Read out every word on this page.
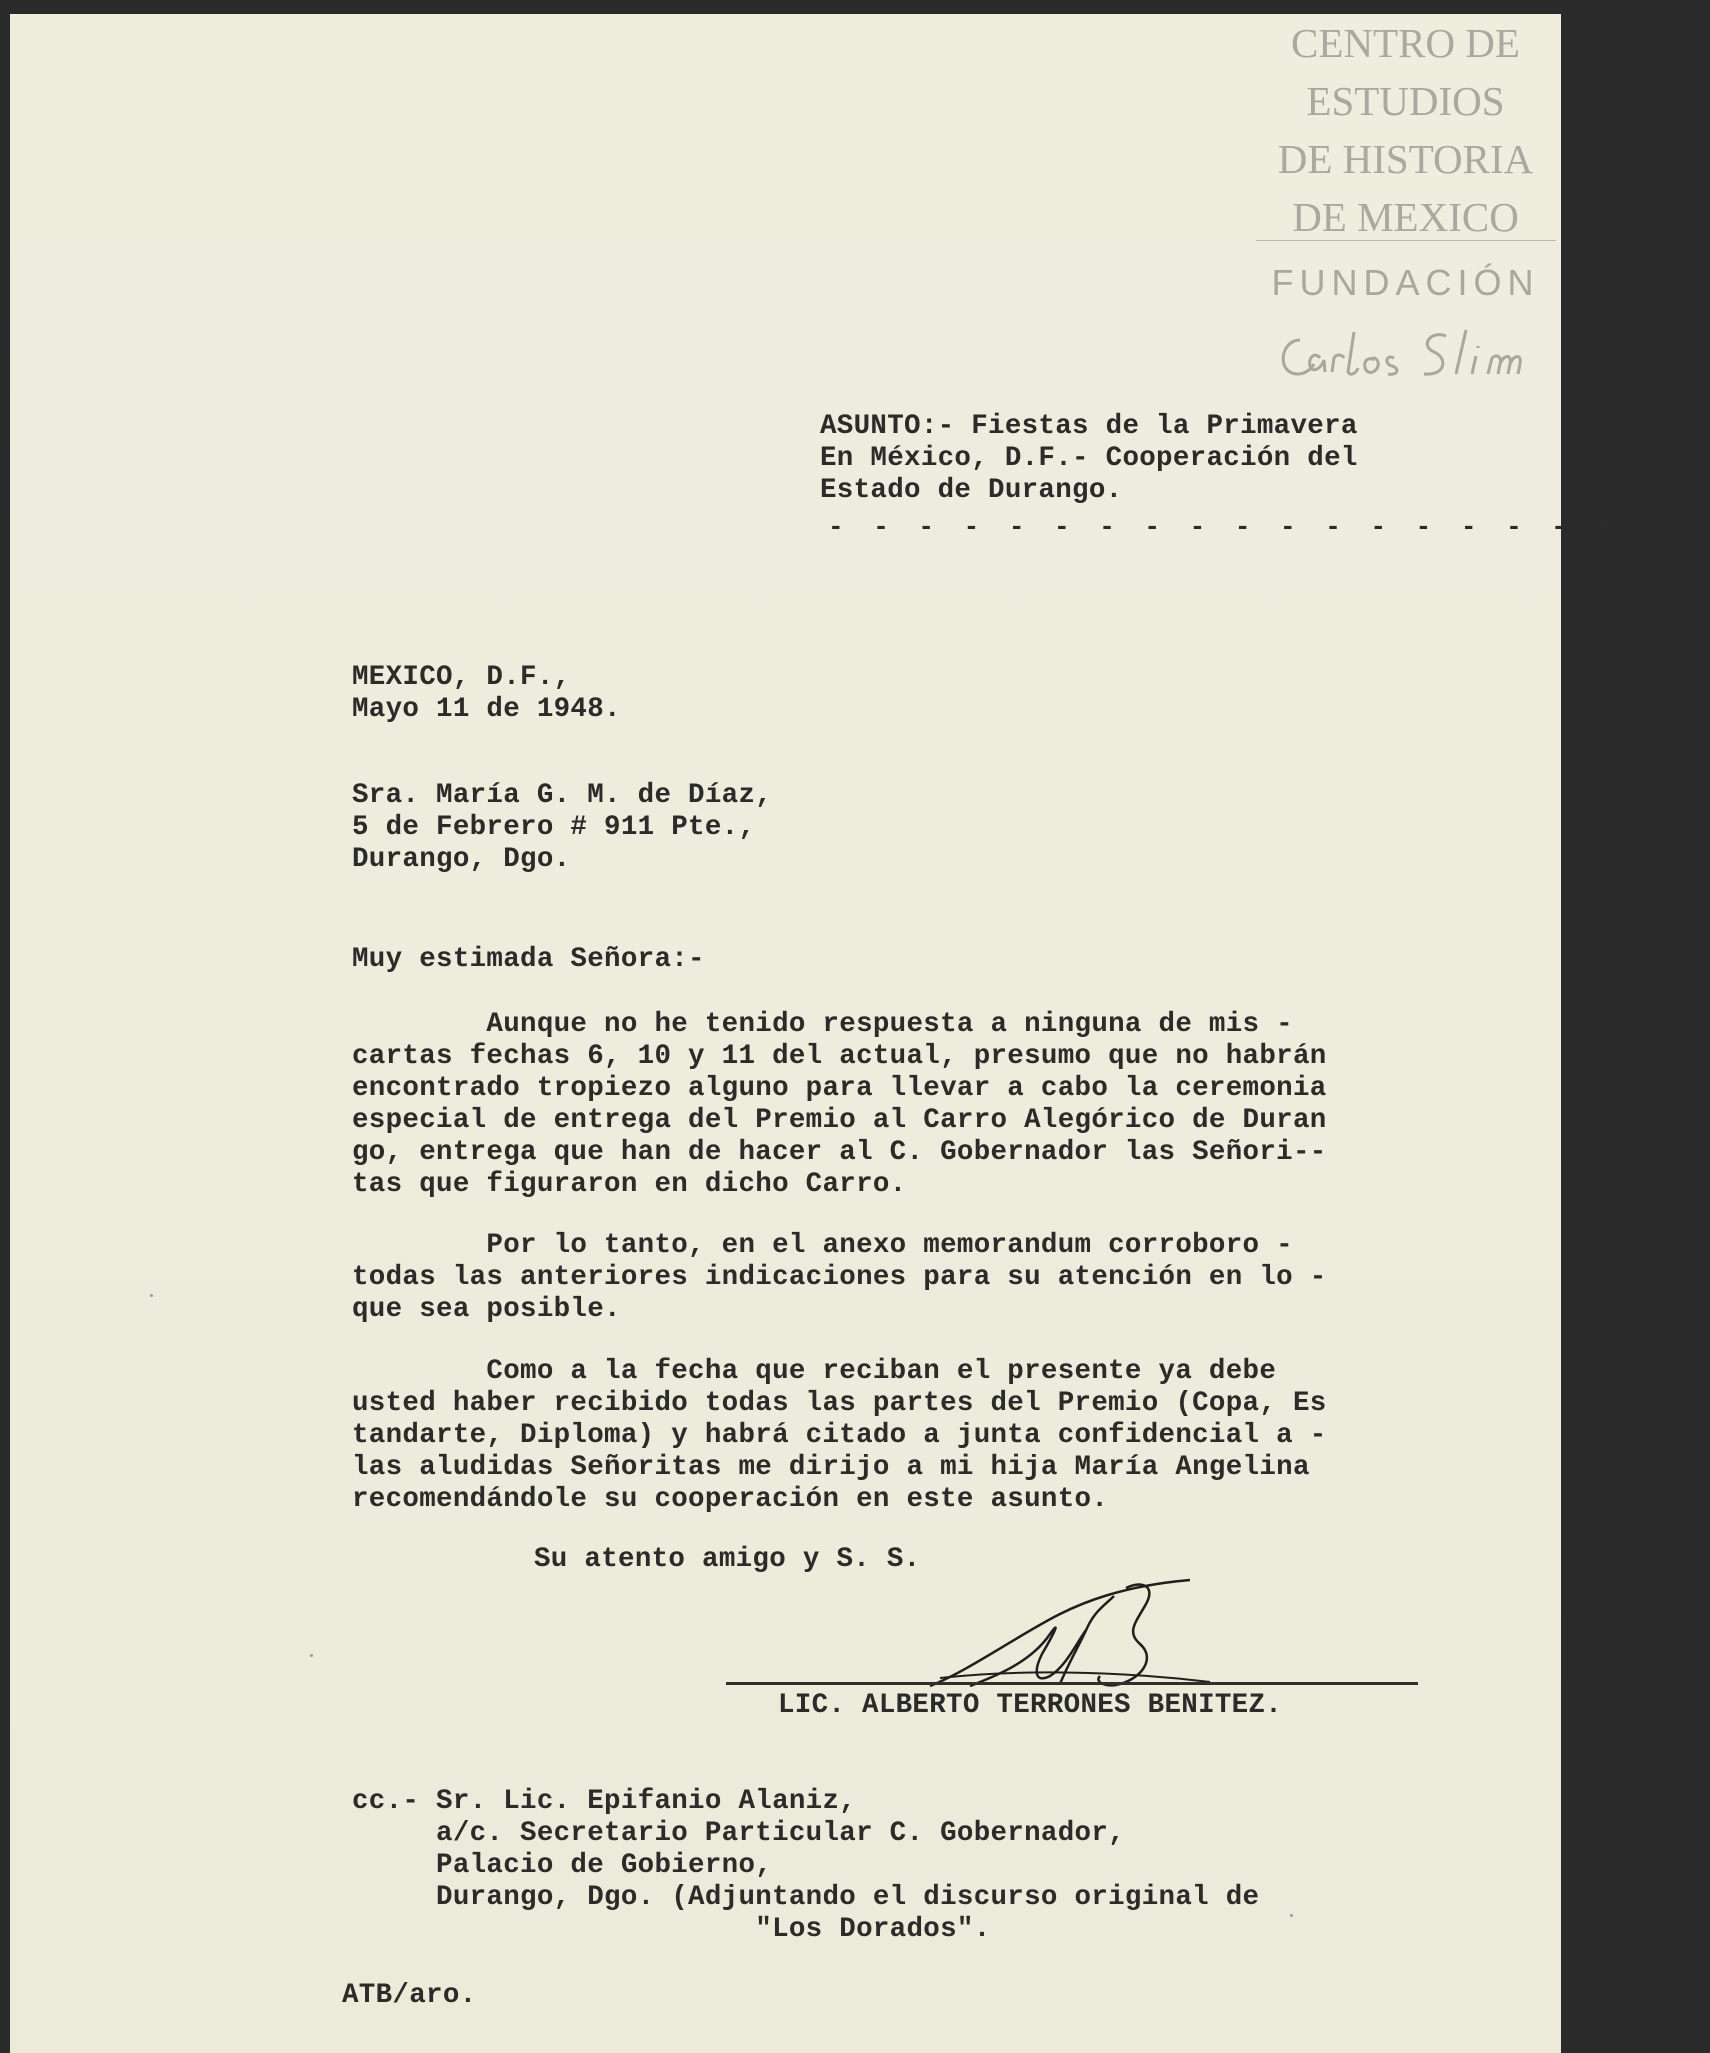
CENTRO DE
ESTUDIOS
DE HISTORIA
DE MEXICO
FUNDACIÓN
ASUNTO:- Fiestas de la Primavera
En México, D.F.- Cooperación del
Estado de Durango.
- - - - - - - - - - - - - - - - - - - -
MEXICO, D.F.,
Mayo 11 de 1948.
Sra. María G. M. de Díaz,
5 de Febrero # 911 Pte.,
Durango, Dgo.
Muy estimada Señora:-
Aunque no he tenido respuesta a ninguna de mis -
cartas fechas 6, 10 y 11 del actual, presumo que no habrán
encontrado tropiezo alguno para llevar a cabo la ceremonia
especial de entrega del Premio al Carro Alegórico de Duran
go, entrega que han de hacer al C. Gobernador las Señori--
tas que figuraron en dicho Carro.
Por lo tanto, en el anexo memorandum corroboro -
todas las anteriores indicaciones para su atención en lo -
que sea posible.
Como a la fecha que reciban el presente ya debe
usted haber recibido todas las partes del Premio (Copa, Es
tandarte, Diploma) y habrá citado a junta confidencial a -
las aludidas Señoritas me dirijo a mi hija María Angelina
recomendándole su cooperación en este asunto.
Su atento amigo y S. S.
LIC. ALBERTO TERRONES BENITEZ.
cc.- Sr. Lic. Epifanio Alaniz,
a/c. Secretario Particular C. Gobernador,
Palacio de Gobierno,
Durango, Dgo. (Adjuntando el discurso original de
"Los Dorados".
ATB/aro.
